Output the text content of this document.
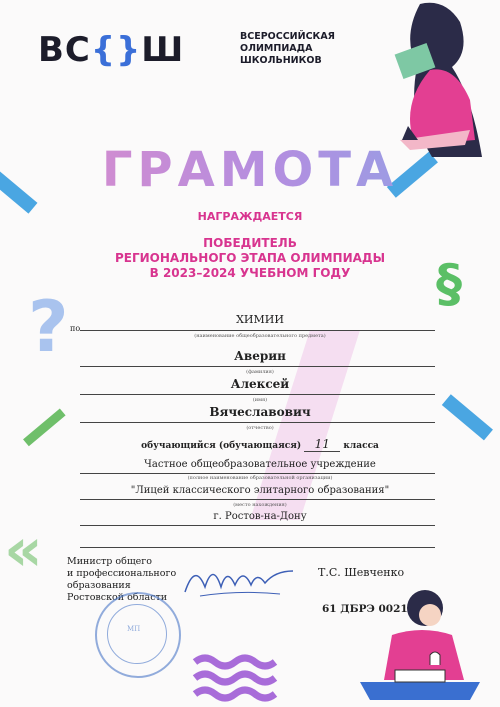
?
§
«
ВС{}Ш	ВСЕРОССИЙСКАЯ
ОЛИМПИАДА
ШКОЛЬНИКОВ
ГРАМОТА
НАГРАЖДАЕТСЯ
ПОБЕДИТЕЛЬ
РЕГИОНАЛЬНОГО ЭТАПА ОЛИМПИАДЫ
В 2023–2024 УЧЕБНОМ ГОДУ
по
ХИМИИ
(наименование общеобразовательного предмета)
Аверин
(фамилия)
Алексей
(имя)
Вячеславович
(отчество)
обучающийся (обучающаяся) 11 класса
Частное общеобразовательное учреждение
(полное наименование образовательной организации)
"Лицей классического элитарного образования"
(место нахождения)
г. Ростов-на-Дону
Министр общего
и профессионального
образования
Ростовской области
МП
Т.С. Шевченко
61 ДБРЭ 0021
